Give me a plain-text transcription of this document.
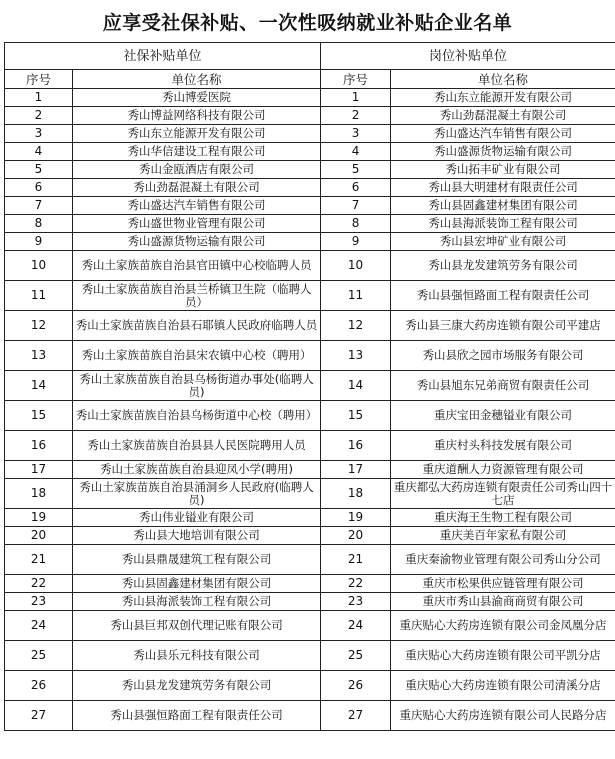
应享受社保补贴、一次性吸纳就业补贴企业名单
社保补贴单位		岗位补贴单位	
序号	单位名称	序号	单位名称
1	秀山博爱医院	1	秀山东立能源开发有限公司
2	秀山博益网络科技有限公司	2	秀山劲磊混凝土有限公司
3	秀山东立能源开发有限公司	3	秀山盛达汽车销售有限公司
4	秀山华信建设工程有限公司	4	秀山盛源货物运输有限公司
5	秀山金瓯酒店有限公司	5	秀山拓丰矿业有限公司
6	秀山劲磊混凝土有限公司	6	秀山县大明建材有限责任公司
7	秀山盛达汽车销售有限公司	7	秀山县固鑫建材集团有限公司
8	秀山盛世物业管理有限公司	8	秀山县海派装饰工程有限公司
9	秀山盛源货物运输有限公司	9	秀山县宏坤矿业有限公司
10	秀山土家族苗族自治县官田镇中心校临聘人员	10	秀山县龙发建筑劳务有限公司
11	秀山土家族苗族自治县兰桥镇卫生院（临聘人员）	11	秀山县强恒路面工程有限责任公司
12	秀山土家族苗族自治县石耶镇人民政府临聘人员	12	秀山县三康大药房连锁有限公司平建店
13	秀山土家族苗族自治县宋农镇中心校（聘用）	13	秀山县欣之园市场服务有限公司
14	秀山土家族苗族自治县乌杨街道办事处(临聘人员)	14	秀山县旭东兄弟商贸有限责任公司
15	秀山土家族苗族自治县乌杨街道中心校（聘用）	15	重庆宝田金穗镒业有限公司
16	秀山土家族苗族自治县县人民医院聘用人员	16	重庆村头科技发展有限公司
17	秀山土家族苗族自治县迎凤小学(聘用)	17	重庆道酬人力资源管理有限公司
18	秀山土家族苗族自治县涌洞乡人民政府(临聘人员)	18	重庆都弘大药房连锁有限责任公司秀山四十七店
19	秀山伟业镒业有限公司	19	重庆海王生物工程有限公司
20	秀山县大地培训有限公司	20	重庆美百年家私有限公司
21	秀山县鼎晟建筑工程有限公司	21	重庆秦渝物业管理有限公司秀山分公司
22	秀山县固鑫建材集团有限公司	22	重庆市松果供应链管理有限公司
23	秀山县海派装饰工程有限公司	23	重庆市秀山县渝商商贸有限公司
24	秀山县巨邦双创代理记账有限公司	24	重庆贴心大药房连锁有限公司金凤凰分店
25	秀山县乐元科技有限公司	25	重庆贴心大药房连锁有限公司平凯分店
26	秀山县龙发建筑劳务有限公司	26	重庆贴心大药房连锁有限公司清溪分店
27	秀山县强恒路面工程有限责任公司	27	重庆贴心大药房连锁有限公司人民路分店
